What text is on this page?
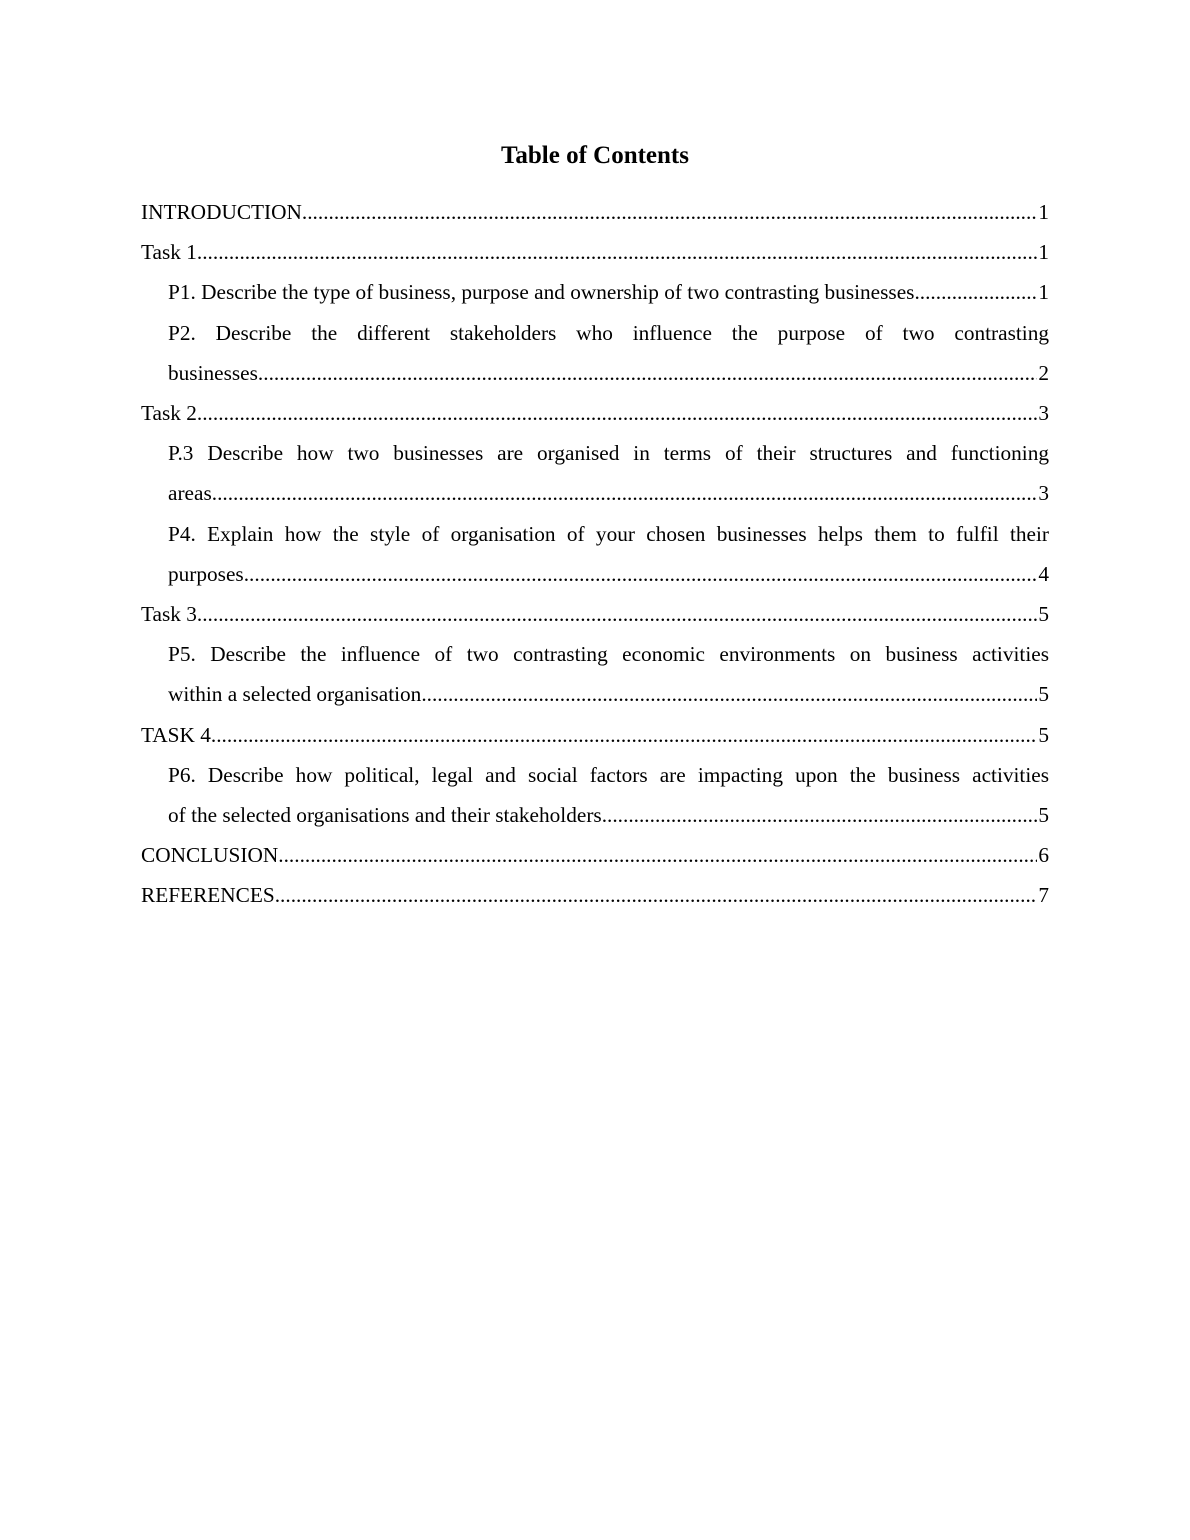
Table of Contents
INTRODUCTION .....	1
Task 1 .....	1
P1. Describe the type of business, purpose and ownership of two contrasting businesses .....	1
P2. Describe the different stakeholders who influence the purpose of two contrasting
businesses .....	2
Task 2 .....	3
P.3 Describe how two businesses are organised in terms of their structures and functioning
areas .....	3
P4. Explain how the style of organisation of your chosen businesses helps them to fulfil their
purposes .....	4
Task 3 .....	5
P5. Describe the influence of two contrasting economic environments on business activities
within a selected organisation .....	5
TASK 4 .....	5
P6. Describe how political, legal and social factors are impacting upon the business activities
of the selected organisations and their stakeholders .....	5
CONCLUSION .....	6
REFERENCES .....	7
